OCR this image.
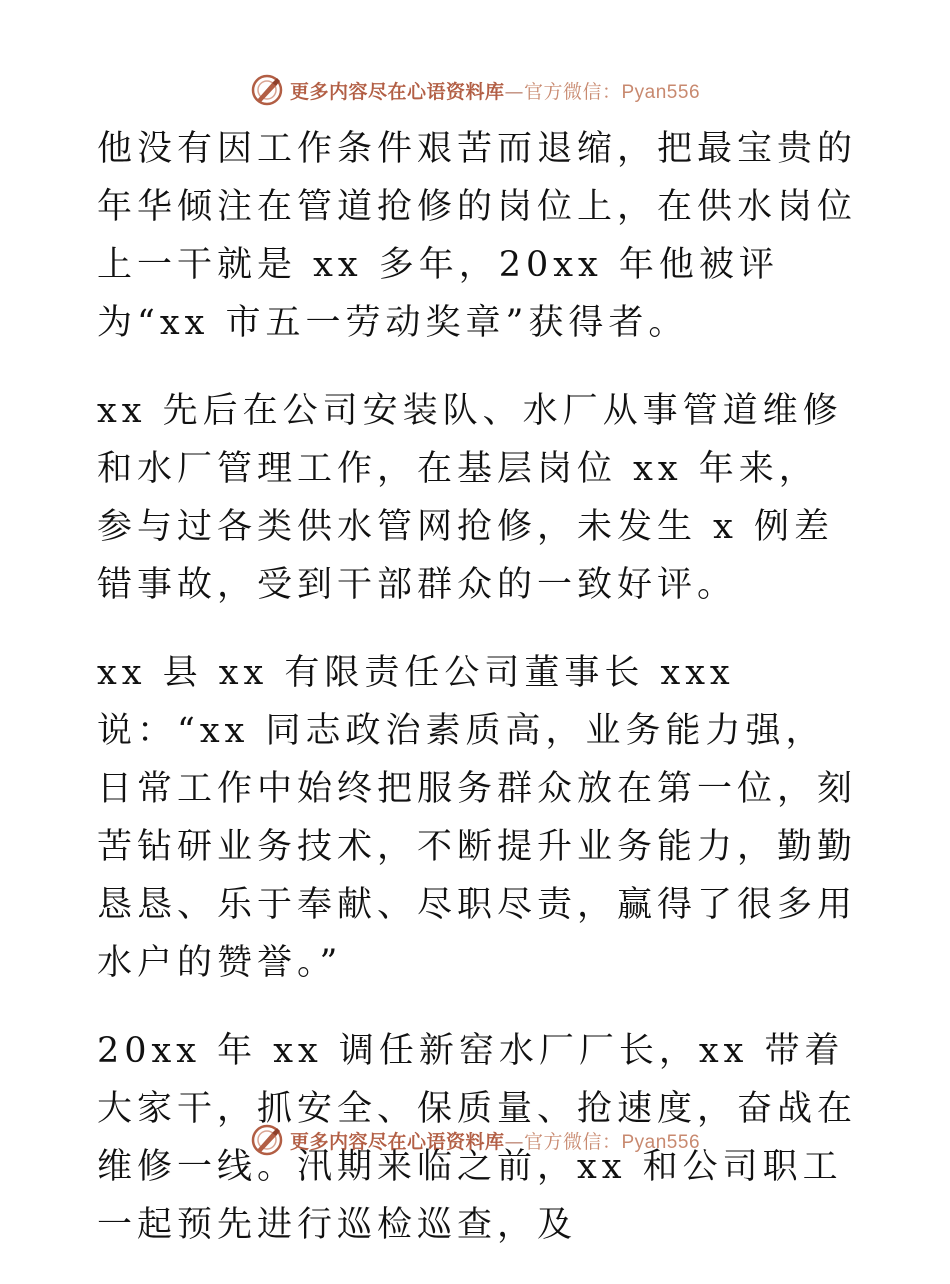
更多内容尽在心语资料库—官方微信：Pyan556

他没有因工作条件艰苦而退缩，把最宝贵的年华倾注在管道抢修的岗位上，在供水岗位上一干就是 xx 多年，20xx 年他被评为“xx 市五一劳动奖章”获得者。

xx 先后在公司安装队、水厂从事管道维修和水厂管理工作，在基层岗位 xx 年来，参与过各类供水管网抢修，未发生 x 例差错事故，受到干部群众的一致好评。

xx 县 xx 有限责任公司董事长 xxx 说：“xx 同志政治素质高，业务能力强，日常工作中始终把服务群众放在第一位，刻苦钻研业务技术，不断提升业务能力，勤勤恳恳、乐于奉献、尽职尽责，赢得了很多用水户的赞誉。”

20xx 年 xx 调任新窑水厂厂长，xx 带着大家干，抓安全、保质量、抢速度，奋战在维修一线。汛期来临之前，xx 和公司职工一起预先进行巡检巡查，及

更多内容尽在心语资料库—官方微信：Pyan556
